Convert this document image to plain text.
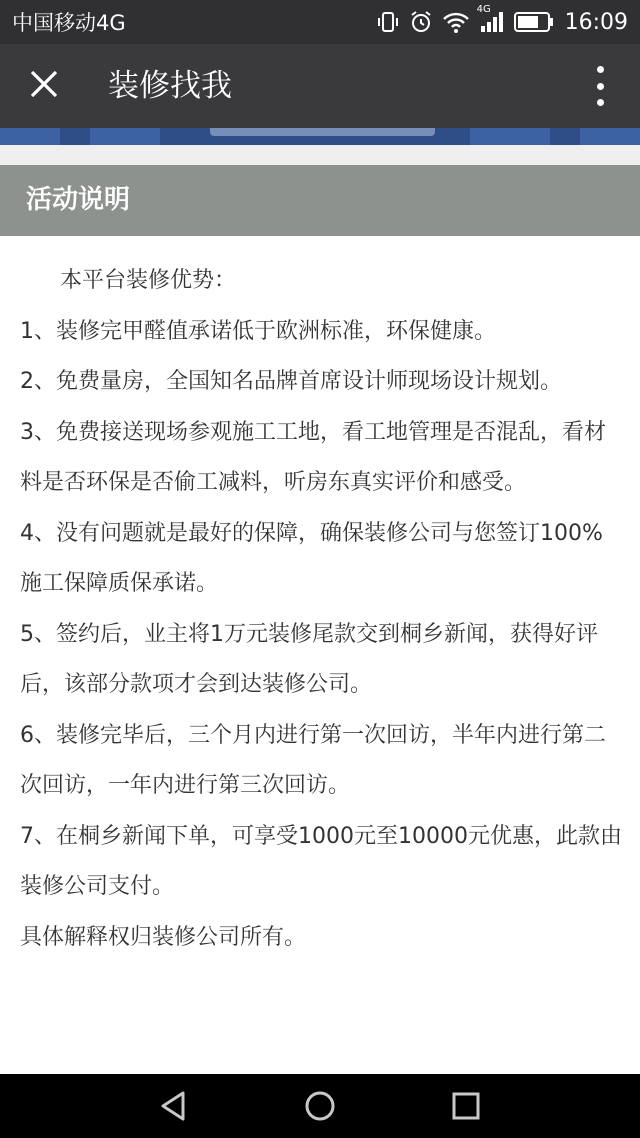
中国移动4G
4G	16:09
装修找我
活动说明

本平台装修优势：

1、装修完甲醛值承诺低于欧洲标准，环保健康。

2、免费量房，全国知名品牌首席设计师现场设计规划。

3、免费接送现场参观施工工地，看工地管理是否混乱，看材料是否环保是否偷工减料，听房东真实评价和感受。

4、没有问题就是最好的保障，确保装修公司与您签订100%施工保障质保承诺。

5、签约后，业主将1万元装修尾款交到桐乡新闻，获得好评后，该部分款项才会到达装修公司。

6、装修完毕后，三个月内进行第一次回访，半年内进行第二次回访，一年内进行第三次回访。

7、在桐乡新闻下单，可享受1000元至10000元优惠，此款由装修公司支付。

具体解释权归装修公司所有。
